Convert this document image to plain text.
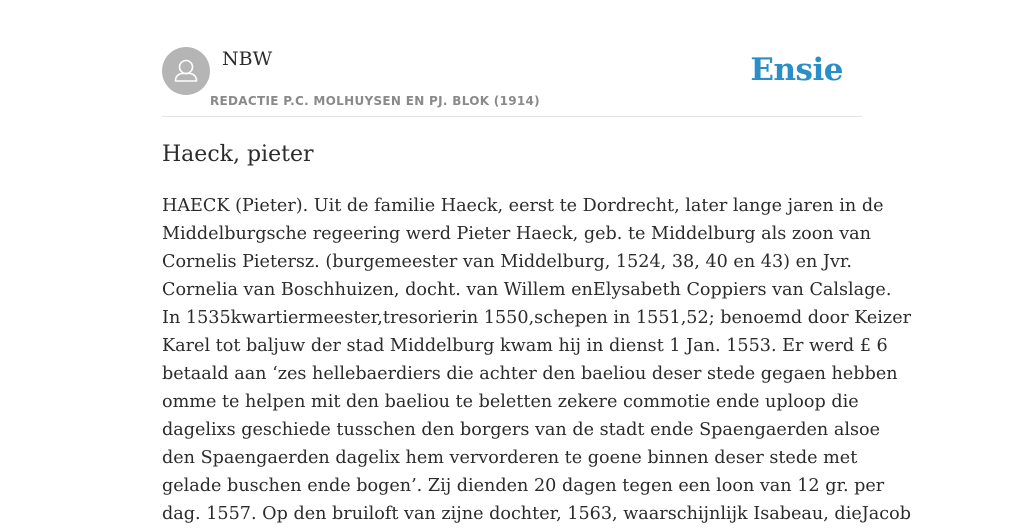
NBW
REDACTIE P.C. MOLHUYSEN EN PJ. BLOK (1914)
Ensie
Haeck, pieter

HAECK (Pieter). Uit de familie Haeck, eerst te Dordrecht, later lange jaren in de
Middelburgsche regeering werd Pieter Haeck, geb. te Middelburg als zoon van
Cornelis Pietersz. (burgemeester van Middelburg, 1524, 38, 40 en 43) en Jvr.
Cornelia van Boschhuizen, docht. van Willem enElysabeth Coppiers van Calslage.
In 1535kwartiermeester,tresorierin 1550,schepen in 1551,52; benoemd door Keizer
Karel tot baljuw der stad Middelburg kwam hij in dienst 1 Jan. 1553. Er werd £ 6
betaald aan ‘zes hellebaerdiers die achter den baeliou deser stede gegaen hebben
omme te helpen mit den baeliou te beletten zekere commotie ende uploop die
dagelixs geschiede tusschen den borgers van de stadt ende Spaengaerden alsoe
den Spaengaerden dagelix hem vervorderen te goene binnen deser stede met
gelade buschen ende bogen’. Zij dienden 20 dagen tegen een loon van 12 gr. per
dag. 1557. Op den bruiloft van zijne dochter, 1563, waarschijnlijk Isabeau, dieJacob
